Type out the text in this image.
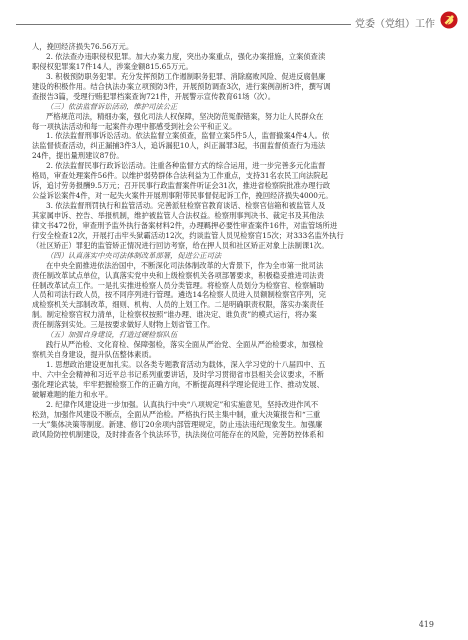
党委（党组）工作
人，挽回经济损失76.56万元。
2. 依法查办违职侵权犯罪。加大办案力度，突出办案重点，强化办案措施，立案侦查渎
职侵权犯罪案17件14人，涉案金额815.65万元。
3. 积极预防职务犯罪。充分发挥预防工作遏制职务犯罪、消除腐败风险、促进反腐倡廉
建设的积极作用。结合执法办案立项预防3件，开展预防调查3次，进行案例剖析3件，撰写调
查报告3篇，受理行贿犯罪档案查询721件，开展警示宣传教育61场（次）。
（三）依法监督诉讼活动，维护司法公正
严格规范司法，精细办案，强化司法人权保障，坚决防范冤假错案，努力让人民群众在
每一项执法活动和每一起案件办理中都感受到社会公平和正义。
1. 依法监督刑事诉讼活动。依法监督立案侦查，监督立案5件5人，监督撤案4件4人。依
法监督侦查活动，纠正漏捕3件3人，追诉漏犯10人，纠正漏罪3起，书面监督侦查行为违法
24件，提出量刑建议87份。
2. 依法监督民事行政诉讼活动。注重各种监督方式的综合运用，进一步完善多元化监督
格局，审查处理案件56件。以维护弱势群体合法利益为工作重点，支持31名农民工向法院起
诉，追讨劳务报酬9.5万元；召开民事行政监督案件听证会31次，推进省检察院批准办理行政
公益诉讼案件4件，对一起失火案件开展刑事附带民事督促起诉工作，挽回经济损失4000元。
3. 依法监督刑罚执行和监管活动。完善派驻检察官教育谈话、检察官信箱和被监管人及
其家属申诉、控告、举报机制，维护被监管人合法权益。检察刑事判决书、裁定书及其他法
律文书472份，审查刑予监外执行备案材料2件，办理羁押必要性审查案件16件，对监管场所进
行安全检查12次，开展打击牢头狱霸活动12次，约谈监管人员见检察官15次；对333名监外执行
（社区矫正）罪犯的监管矫正情况进行回访考察，给在押人员和社区矫正对象上法制课1次。
（四）认真落实中央司法体制改革部署，促进公正司法
在中央全面推进依法治国中，不断深化司法体制改革的大背景下，作为全市第一批司法
责任制改革试点单位，认真落实党中央和上级检察机关各项部署要求，积极稳妥推进司法责
任制改革试点工作。一是扎实推进检察人员分类管理。将检察人员划分为检察官、检察辅助
人员和司法行政人员，按不同序列进行管理。遴选14名检察人员进入员额制检察官序列，完
成检察机关大部制改革，细则、机构、人员的上划工作。二是明确职责权限，落实办案责任
制。制定检察官权力清单，让检察权按照“谁办理、谁决定、谁负责”的模式运行，将办案
责任制落到实处。三是按要求做好人财物上划省管工作。
（五）加强自身建设，打造过硬检察队伍
践行从严治检、文化育检、保障强检，落实全面从严治党、全面从严治检要求，加强检
察机关自身建设，提升队伍整体素质。
1. 思想政治建设更加扎实。以各类专题教育活动为载体，深入学习党的十八届四中、五
中、六中全会精神和习近平总书记系列重要讲话，及时学习贯彻省市县相关会议要求，不断
强化理论武装，牢牢把握检察工作的正确方向，不断提高理科学理论促进工作、推动发展、
破解难题的能力和水平。
2. 纪律作风建设进一步加强。认真执行中央“八项规定”和实施意见，坚持改进作风不
松劲，加强作风建设不断点，全面从严治检。严格执行民主集中制，重大决策报告和“三重
一大”集体决策等制度。新建、修订20余项内部管理规定，防止违法违纪现象发生。加强廉
政风险防控机制建设，及时排查各个执法环节，执法岗位可能存在的风险，完善防控体系和
419
